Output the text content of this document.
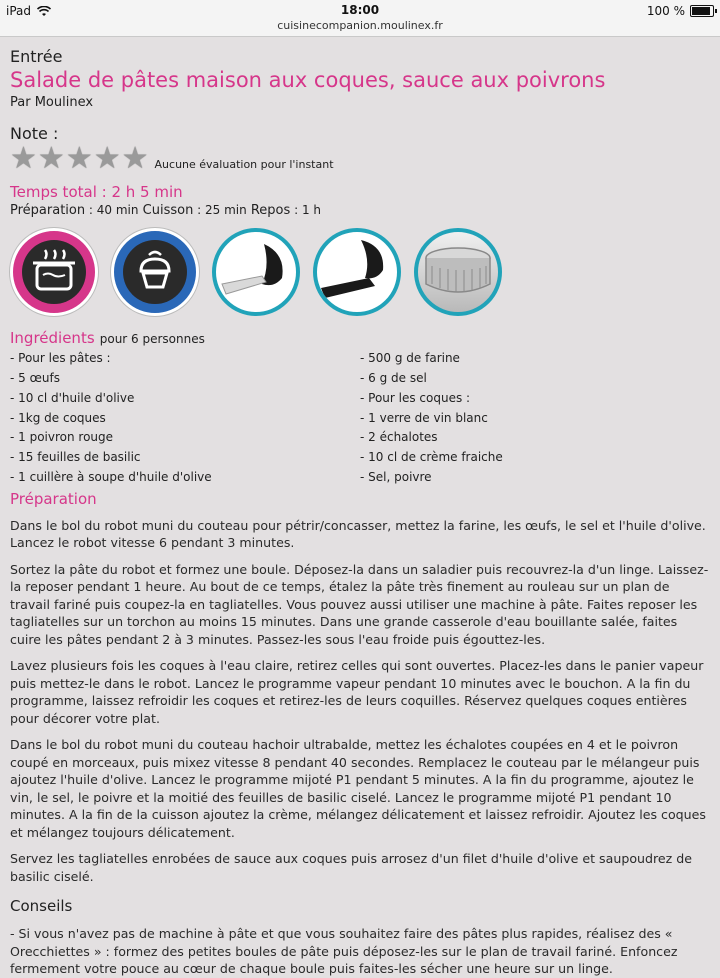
iPad	18:00
cuisinecompanion.moulinex.fr
100 %
Entrée
Salade de pâtes maison aux coques, sauce aux poivrons
Par Moulinex
Note :
★ ★ ★ ★ ★ Aucune évaluation pour l'instant
Temps total : 2 h 5 min
Préparation : 40 min Cuisson : 25 min Repos : 1 h
Ingrédients pour 6 personnes
- Pour les pâtes :
- 5 œufs
- 10 cl d'huile d'olive
- 1kg de coques
- 1 poivron rouge
- 15 feuilles de basilic
- 1 cuillère à soupe d'huile d'olive
- 500 g de farine
- 6 g de sel
- Pour les coques :
- 1 verre de vin blanc
- 2 échalotes
- 10 cl de crème fraiche
- Sel, poivre
Préparation

Dans le bol du robot muni du couteau pour pétrir/concasser, mettez la farine, les œufs, le sel et l'huile d'olive. Lancez le robot vitesse 6 pendant 3 minutes.

Sortez la pâte du robot et formez une boule. Déposez-la dans un saladier puis recouvrez-la d'un linge. Laissez-la reposer pendant 1 heure. Au bout de ce temps, étalez la pâte très finement au rouleau sur un plan de travail fariné puis coupez-la en tagliatelles. Vous pouvez aussi utiliser une machine à pâte. Faites reposer les tagliatelles sur un torchon au moins 15 minutes. Dans une grande casserole d'eau bouillante salée, faites cuire les pâtes pendant 2 à 3 minutes. Passez-les sous l'eau froide puis égouttez-les.

Lavez plusieurs fois les coques à l'eau claire, retirez celles qui sont ouvertes. Placez-les dans le panier vapeur puis mettez-le dans le robot. Lancez le programme vapeur pendant 10 minutes avec le bouchon. A la fin du programme, laissez refroidir les coques et retirez-les de leurs coquilles. Réservez quelques coques entières pour décorer votre plat.

Dans le bol du robot muni du couteau hachoir ultrabalde, mettez les échalotes coupées en 4 et le poivron coupé en morceaux, puis mixez vitesse 8 pendant 40 secondes. Remplacez le couteau par le mélangeur puis ajoutez l'huile d'olive. Lancez le programme mijoté P1 pendant 5 minutes. A la fin du programme, ajoutez le vin, le sel, le poivre et la moitié des feuilles de basilic ciselé. Lancez le programme mijoté P1 pendant 10 minutes. A la fin de la cuisson ajoutez la crème, mélangez délicatement et laissez refroidir. Ajoutez les coques et mélangez toujours délicatement.

Servez les tagliatelles enrobées de sauce aux coques puis arrosez d'un filet d'huile d'olive et saupoudrez de basilic ciselé.

Conseils

- Si vous n'avez pas de machine à pâte et que vous souhaitez faire des pâtes plus rapides, réalisez des « Orecchiettes » : formez des petites boules de pâte puis déposez-les sur le plan de travail fariné. Enfoncez fermement votre pouce au cœur de chaque boule puis faites-les sécher une heure sur un linge.
